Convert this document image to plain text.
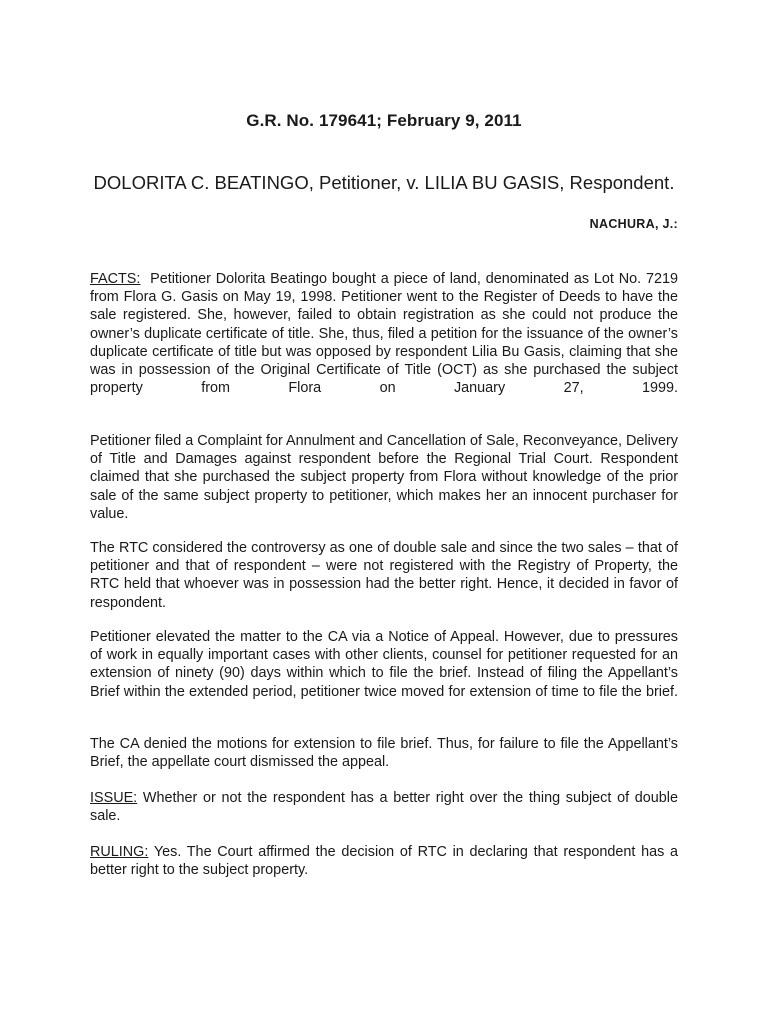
G.R. No. 179641; February 9, 2011
DOLORITA C. BEATINGO, Petitioner, v. LILIA BU GASIS, Respondent.
NACHURA, J.:

FACTS: Petitioner Dolorita Beatingo bought a piece of land, denominated as Lot No. 7219 from Flora G. Gasis on May 19, 1998. Petitioner went to the Register of Deeds to have the sale registered. She, however, failed to obtain registration as she could not produce the owner’s duplicate certificate of title. She, thus, filed a petition for the issuance of the owner’s duplicate certificate of title but was opposed by respondent Lilia Bu Gasis, claiming that she was in possession of the Original Certificate of Title (OCT) as she purchased the subject property from Flora on January 27, 1999.

Petitioner filed a Complaint for Annulment and Cancellation of Sale, Reconveyance, Delivery of Title and Damages against respondent before the Regional Trial Court. Respondent claimed that she purchased the subject property from Flora without knowledge of the prior sale of the same subject property to petitioner, which makes her an innocent purchaser for value.

The RTC considered the controversy as one of double sale and since the two sales – that of petitioner and that of respondent – were not registered with the Registry of Property, the RTC held that whoever was in possession had the better right. Hence, it decided in favor of respondent.

Petitioner elevated the matter to the CA via a Notice of Appeal. However, due to pressures of work in equally important cases with other clients, counsel for petitioner requested for an extension of ninety (90) days within which to file the brief. Instead of filing the Appellant’s Brief within the extended period, petitioner twice moved for extension of time to file the brief.

The CA denied the motions for extension to file brief. Thus, for failure to file the Appellant’s Brief, the appellate court dismissed the appeal.

ISSUE: Whether or not the respondent has a better right over the thing subject of double sale.

RULING: Yes. The Court affirmed the decision of RTC in declaring that respondent has a better right to the subject property.
